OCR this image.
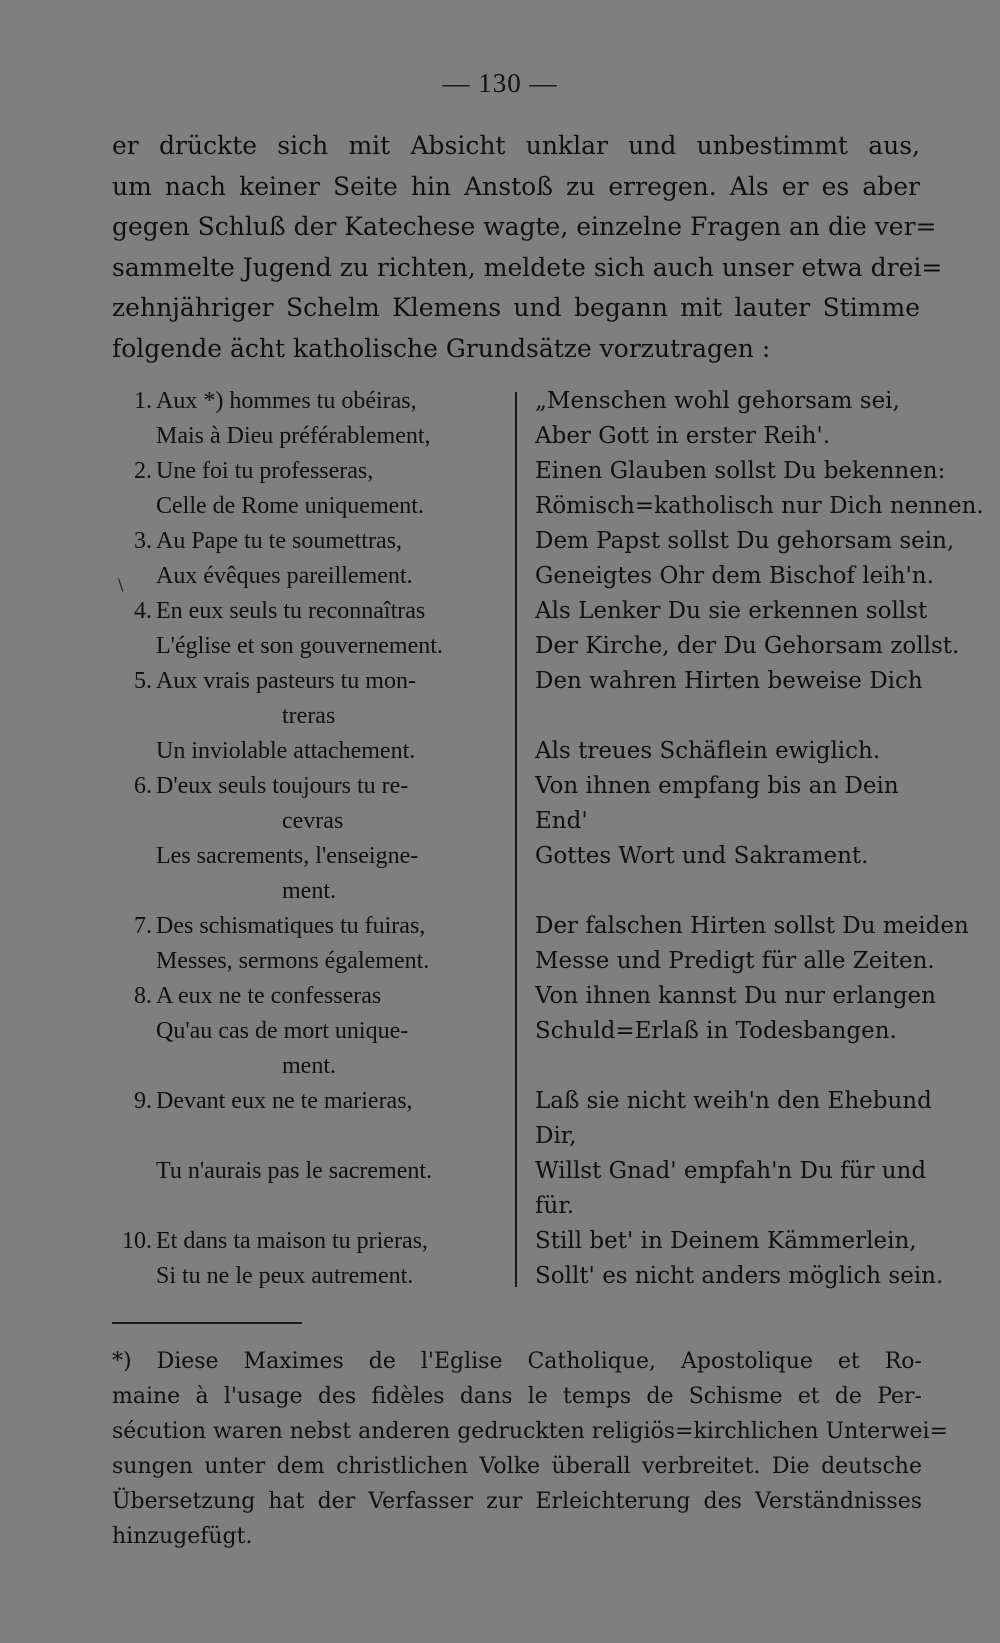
— 130 —
er drückte sich mit Absicht unklar und unbestimmt aus,
um nach keiner Seite hin Anstoß zu erregen. Als er es aber
gegen Schluß der Katechese wagte, einzelne Fragen an die ver=
sammelte Jugend zu richten, meldete sich auch unser etwa drei=
zehnjähriger Schelm Klemens und begann mit lauter Stimme
folgende ächt katholische Grundsätze vorzutragen :
\
1. Aux *) hommes tu obéiras,
Mais à Dieu préférablement,
2. Une foi tu professeras,
Celle de Rome uniquement.
3. Au Pape tu te soumettras,
Aux évêques pareillement.
4. En eux seuls tu reconnaîtras
L'église et son gouvernement.
5. Aux vrais pasteurs tu mon-
treras
Un inviolable attachement.
6. D'eux seuls toujours tu re-
cevras
Les sacrements, l'enseigne-
ment.
7. Des schismatiques tu fuiras,
Messes, sermons également.
8. A eux ne te confesseras
Qu'au cas de mort unique-
ment.
9. Devant eux ne te marieras,
Tu n'aurais pas le sacrement.
10. Et dans ta maison tu prieras,
Si tu ne le peux autrement.
„Menschen wohl gehorsam sei,
Aber Gott in erster Reih'.
Einen Glauben sollst Du bekennen:
Römisch=katholisch nur Dich nennen.
Dem Papst sollst Du gehorsam sein,
Geneigtes Ohr dem Bischof leih'n.
Als Lenker Du sie erkennen sollst
Der Kirche, der Du Gehorsam zollst.
Den wahren Hirten beweise Dich
Als treues Schäflein ewiglich.
Von ihnen empfang bis an Dein
End'
Gottes Wort und Sakrament.
Der falschen Hirten sollst Du meiden
Messe und Predigt für alle Zeiten.
Von ihnen kannst Du nur erlangen
Schuld=Erlaß in Todesbangen.
Laß sie nicht weih'n den Ehebund
Dir,
Willst Gnad' empfah'n Du für und
für.
Still bet' in Deinem Kämmerlein,
Sollt' es nicht anders möglich sein.
*) Diese Maximes de l'Eglise Catholique, Apostolique et Ro-
maine à l'usage des fidèles dans le temps de Schisme et de Per-
sécution waren nebst anderen gedruckten religiös=kirchlichen Unterwei=
sungen unter dem christlichen Volke überall verbreitet. Die deutsche
Übersetzung hat der Verfasser zur Erleichterung des Verständnisses
hinzugefügt.
